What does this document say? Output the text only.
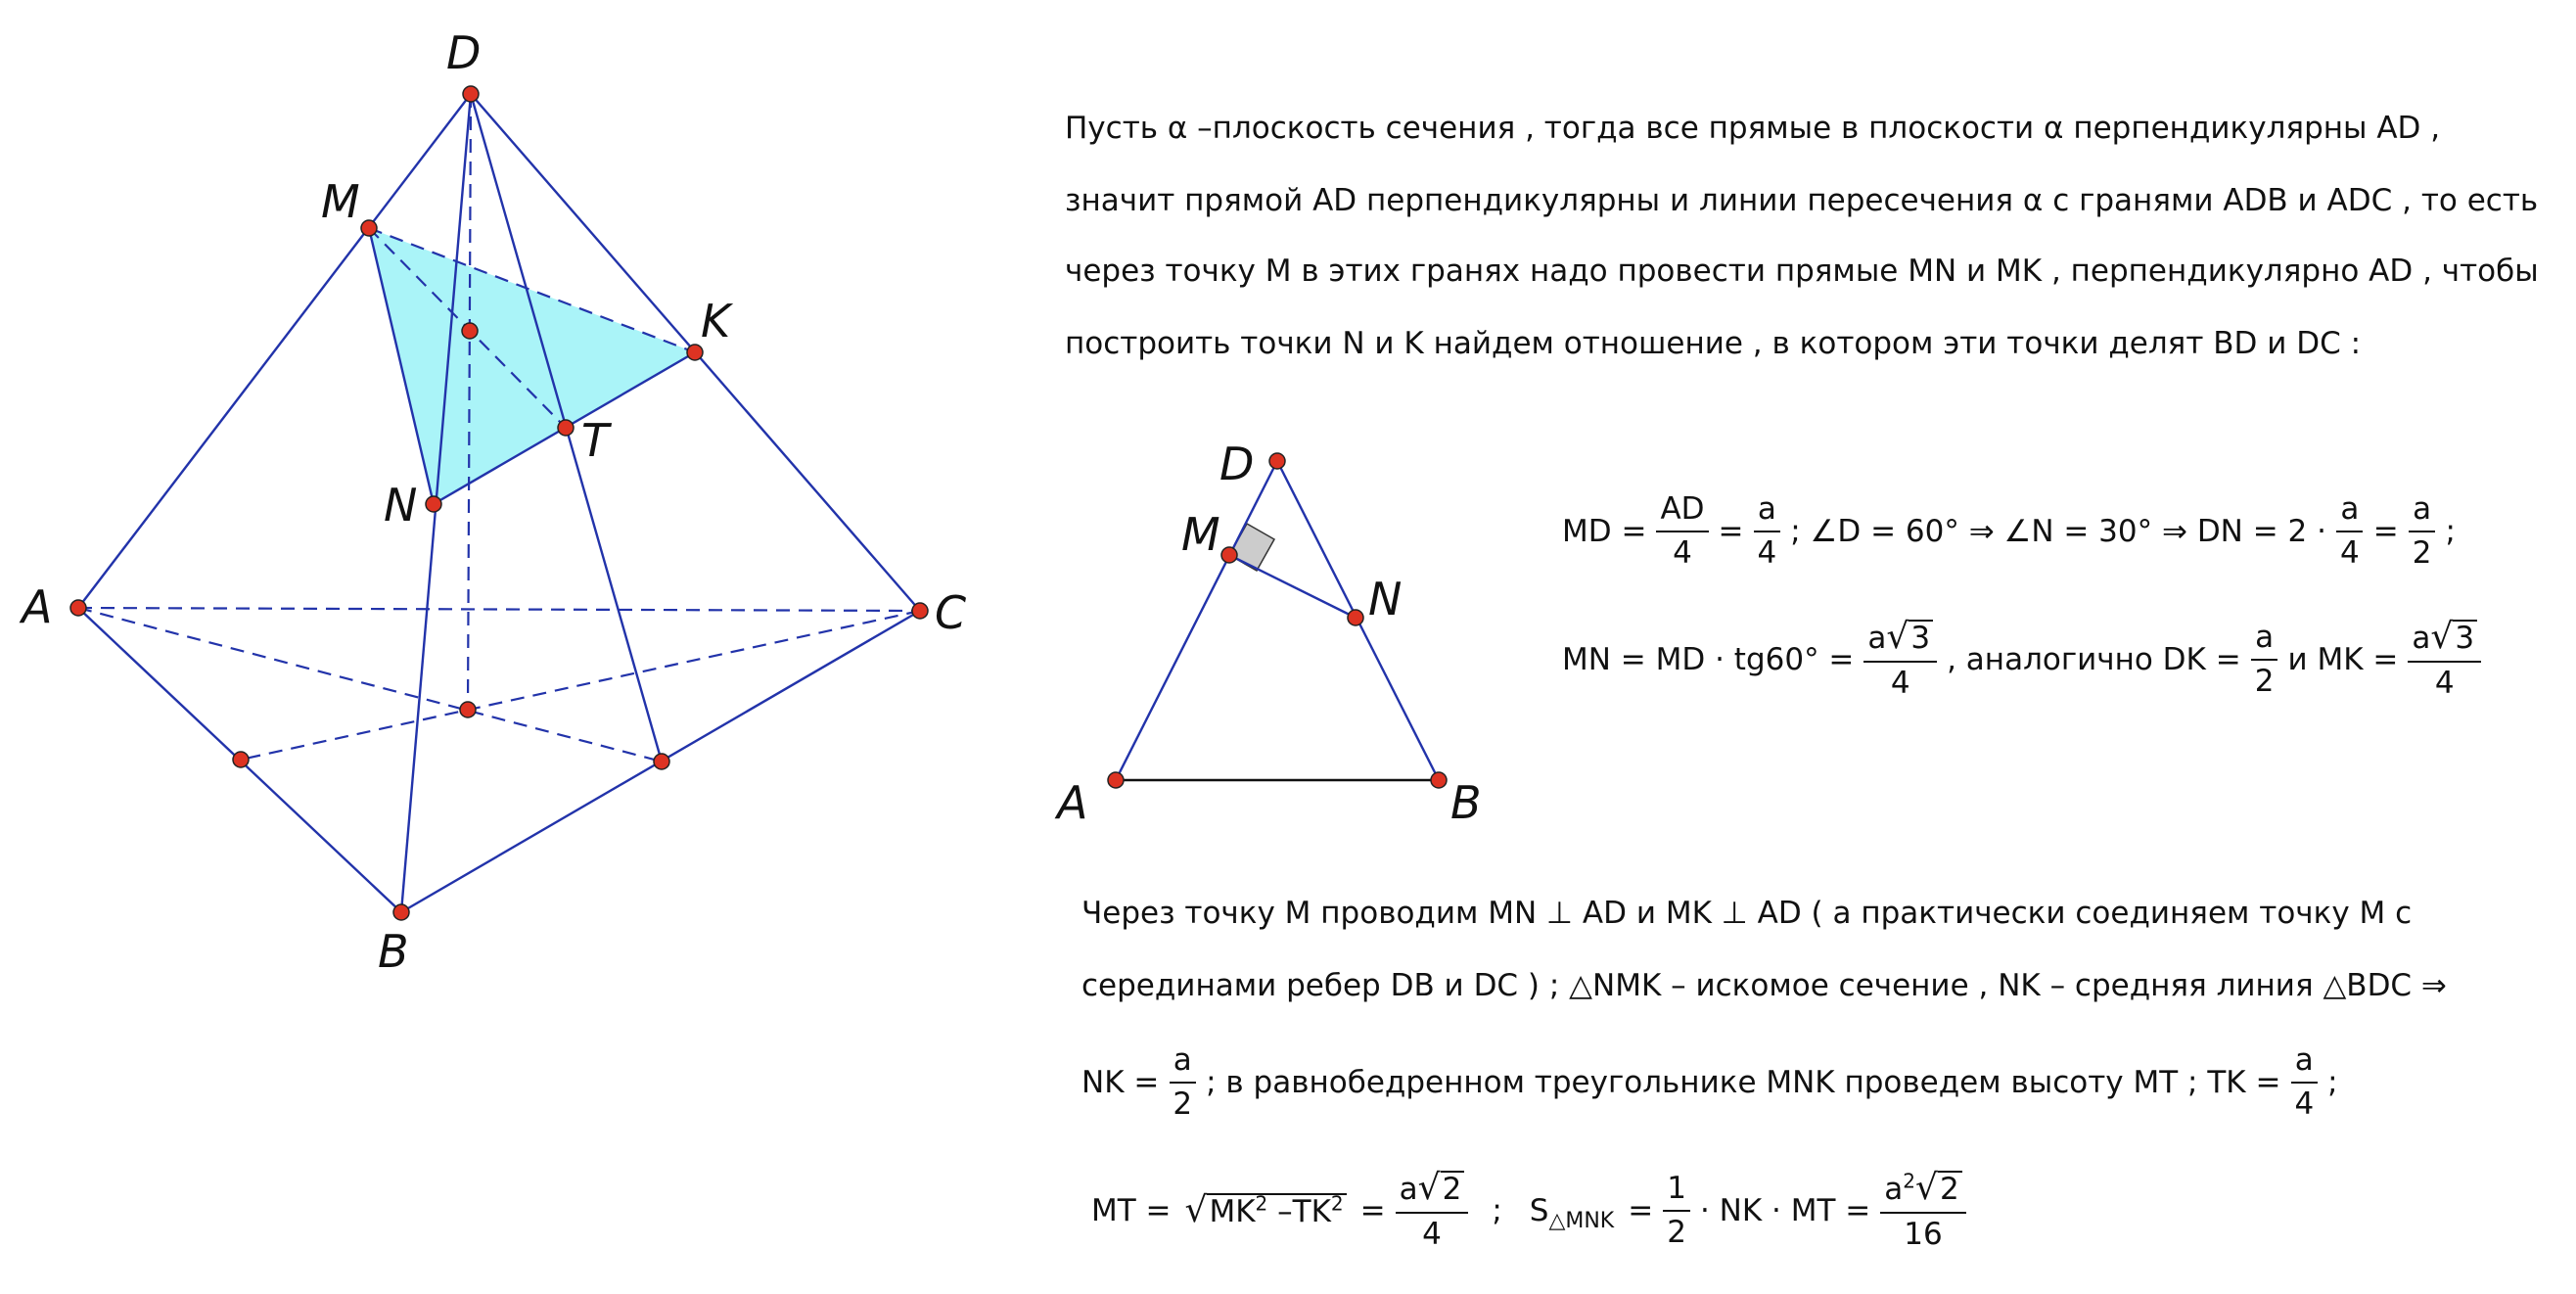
D
M
K
T
N
A	C
B
D
M
N
A	B
Пусть α –плоскость сечения , тогда все прямые в плоскости α перпендикулярны AD ,
значит прямой AD перпендикулярны и линии пересечения α с гранями ADB и ADC , то есть
через точку M в этих гранях надо провести прямые MN и MK , перпендикулярно AD , чтобы
построить точки N и K найдем отношение , в котором эти точки делят BD и DC :
Через точку M проводим MN ⊥ AD и MK ⊥ AD ( а практически соединяем точку M с
серединами ребер DB и DC ) ; △NMK – искомое сечение , NK – средняя линия △BDC ⇒
MD = $\frac{AD}{4} = \frac{a}{4}$ ; ∠D = 60° ⇒ ∠N = 30° ⇒ DN = $2 \cdot \frac{a}{4} = \frac{a}{2}$ ;
MN = MD · $tg60^\circ = \frac{a√3}{4}$ , аналогично DK = $\frac{a}{2}$ и MK = $\frac{a√3}{4}$
NK = $\frac{a}{2}$ ; в равнобедренном треугольнике MNK проведем высоту MT ; TK = $\frac{a}{4}$ ;
MT = √ $MK^2$ $-TK^2 = \frac{a√2}{4}$ ; $S_{\triangle MNK} = \frac{1}{2}$ · NK · MT = $\frac{a^2√2}{16}$
